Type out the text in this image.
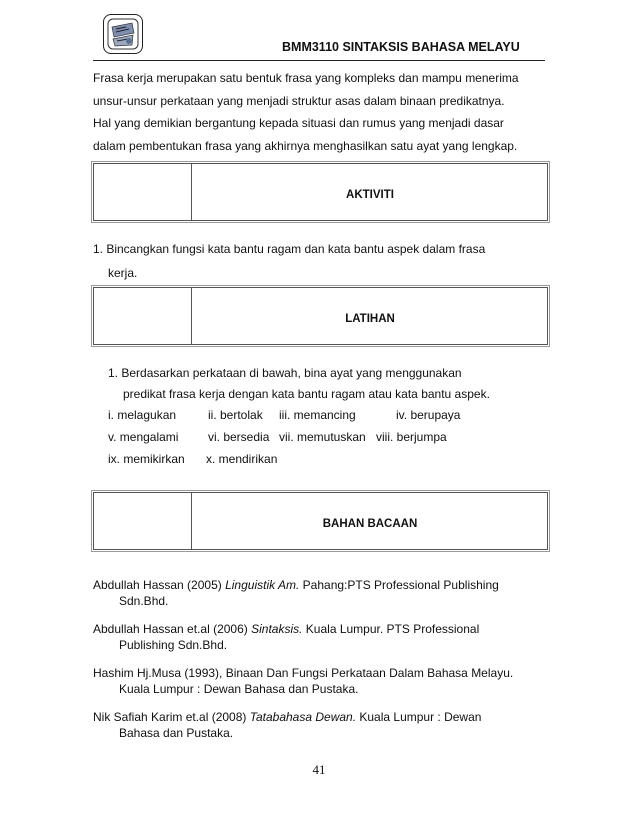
BMM3110 SINTAKSIS BAHASA MELAYU

Frasa kerja merupakan satu bentuk frasa yang kompleks dan mampu menerima

unsur-unsur perkataan yang menjadi struktur asas dalam binaan predikatnya.

Hal yang demikian bergantung kepada situasi dan rumus yang menjadi dasar

dalam pembentukan frasa yang akhirnya menghasilkan satu ayat yang lengkap.

AKTIVITI
1. Bincangkan fungsi kata bantu ragam dan kata bantu aspek dalam frasa
kerja.
LATIHAN
1. Berdasarkan perkataan di bawah, bina ayat yang menggunakan
predikat frasa kerja dengan kata bantu ragam atau kata bantu aspek.
i. melagukan	ii. bertolak iii. memancing	iv. berupaya
v. mengalami vi. bersedia vii. memutuskan viii. berjumpa
ix. memikirkan x. mendirikan
BAHAN BACAAN
Abdullah Hassan (2005) Linguistik Am. Pahang:PTS Professional Publishing
Sdn.Bhd.
Abdullah Hassan et.al (2006) Sintaksis. Kuala Lumpur. PTS Professional
Publishing Sdn.Bhd.
Hashim Hj.Musa (1993), Binaan Dan Fungsi Perkataan Dalam Bahasa Melayu.
Kuala Lumpur : Dewan Bahasa dan Pustaka.
Nik Safiah Karim et.al (2008) Tatabahasa Dewan. Kuala Lumpur : Dewan
Bahasa dan Pustaka.
41
